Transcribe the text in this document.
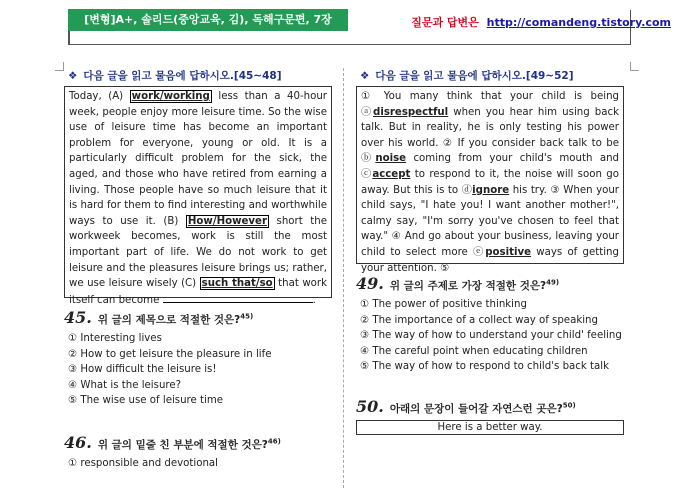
[변형]A+, 솔리드(중앙교육, 김), 독해구문편, 7장	질문과 답변은 http://comandeng.tistory.com
❖ 다음 글을 읽고 물음에 답하시오.[45~48]
Today, (A) work/working less than a 40-hour week, people enjoy more leisure time. So the wise use of leisure time has become an important problem for everyone, young or old. It is a particularly difficult problem for the sick, the aged, and those who have retired from earning a living. Those people have so much leisure that it is hard for them to find interesting and worthwhile ways to use it. (B) How/However short the workweek becomes, work is still the most important part of life. We do not work to get leisure and the pleasures leisure brings us; rather, we use leisure wisely (C) such that/so that work itself can become	.
45. 위 글의 제목으로 적절한 것은?$^{45)}$
① Interesting lives
② How to get leisure the pleasure in life
③ How difficult the leisure is!
④ What is the leisure?
⑤ The wise use of leisure time
46. 위 글의 밑줄 친 부분에 적절한 것은?$^{46)}$
① responsible and devotional
❖ 다음 글을 읽고 물음에 답하시오.[49~52]
① You many think that your child is being ⓐdisrespectful when you hear him using back talk. But in reality, he is only testing his power over his world. ② If you consider back talk to be ⓑnoise coming from your child's mouth and ⓒaccept to respond to it, the noise will soon go away. But this is to ⓓignore his try. ③ When your child says, "I hate you! I want another mother!", calmy say, "I'm sorry you've chosen to feel that way." ④ And go about your business, leaving your child to select more ⓔpositive ways of getting your attention. ⑤
49. 위 글의 주제로 가장 적절한 것은?$^{49)}$
① The power of positive thinking
② The importance of a collect way of speaking
③ The way of how to understand your child' feeling
④ The careful point when educating children
⑤ The way of how to respond to child's back talk
50. 아래의 문장이 들어갈 자연스런 곳은?$^{50)}$
Here is a better way.
